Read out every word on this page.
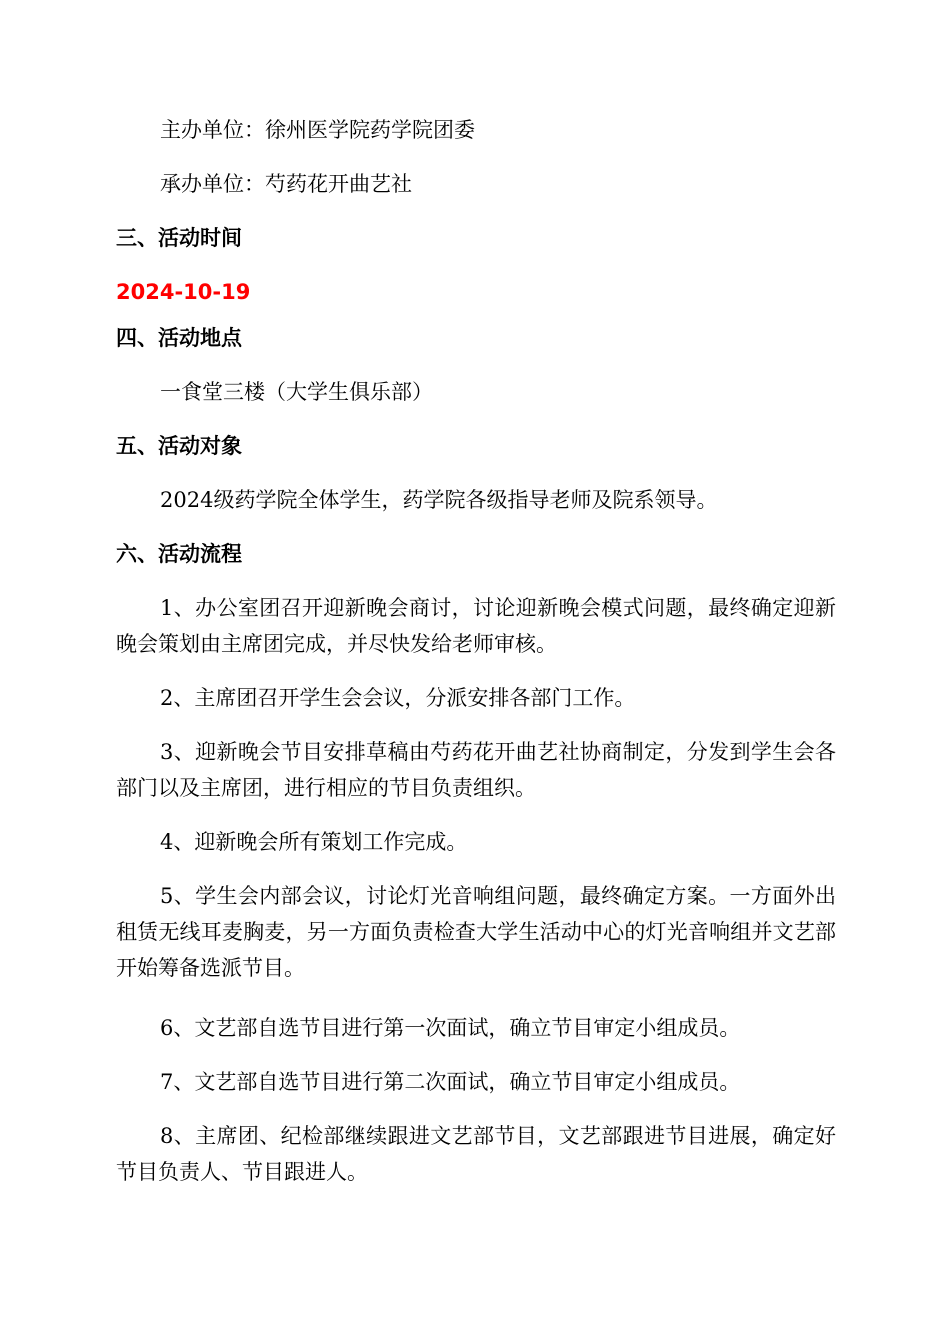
主办单位：徐州医学院药学院团委
承办单位：芍药花开曲艺社
三、活动时间
2024-10-19
四、活动地点
一食堂三楼（大学生俱乐部）
五、活动对象
2024级药学院全体学生，药学院各级指导老师及院系领导。
六、活动流程
1、办公室团召开迎新晚会商讨，讨论迎新晚会模式问题，最终确定迎新晚会策划由主席团完成，并尽快发给老师审核。
2、主席团召开学生会会议，分派安排各部门工作。
3、迎新晚会节目安排草稿由芍药花开曲艺社协商制定，分发到学生会各部门以及主席团，进行相应的节目负责组织。
4、迎新晚会所有策划工作完成。
5、学生会内部会议，讨论灯光音响组问题，最终确定方案。一方面外出租赁无线耳麦胸麦，另一方面负责检查大学生活动中心的灯光音响组并文艺部开始筹备选派节目。
6、文艺部自选节目进行第一次面试，确立节目审定小组成员。
7、文艺部自选节目进行第二次面试，确立节目审定小组成员。
8、主席团、纪检部继续跟进文艺部节目，文艺部跟进节目进展，确定好节目负责人、节目跟进人。
